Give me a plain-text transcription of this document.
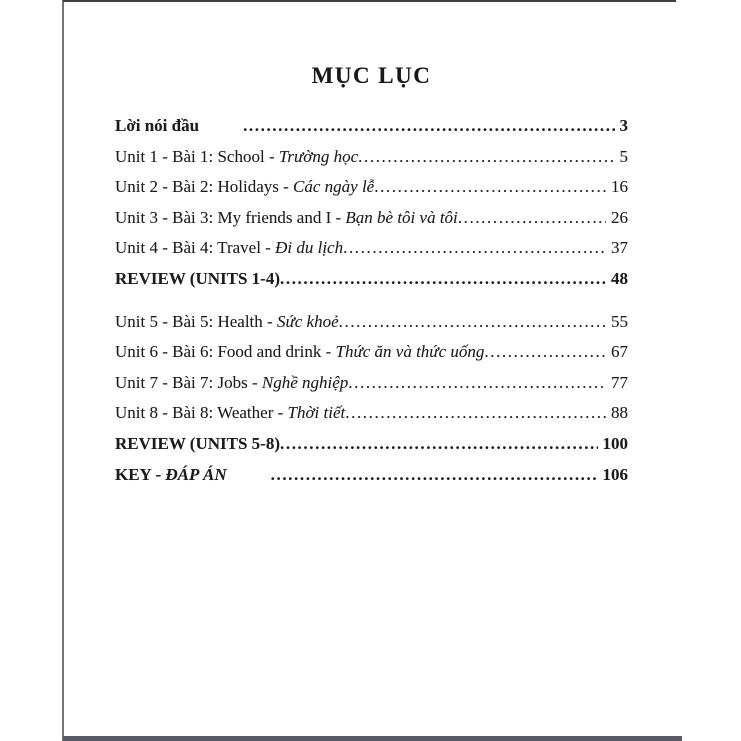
MỤC LỤC
Lời nói đầu .....	3
Unit 1 - Bài 1: School - Trường học .....	5
Unit 2 - Bài 2: Holidays - Các ngày lễ .....	16
Unit 3 - Bài 3: My friends and I - Bạn bè tôi và tôi .....	26
Unit 4 - Bài 4: Travel - Đi du lịch .....	37
REVIEW (UNITS 1-4) .....	48
Unit 5 - Bài 5: Health - Sức khoẻ .....	55
Unit 6 - Bài 6: Food and drink - Thức ăn và thức uống .....	67
Unit 7 - Bài 7: Jobs - Nghề nghiệp .....	77
Unit 8 - Bài 8: Weather - Thời tiết .....	88
REVIEW (UNITS 5-8) .....	100
KEY - ĐÁP ÁN .....	106
